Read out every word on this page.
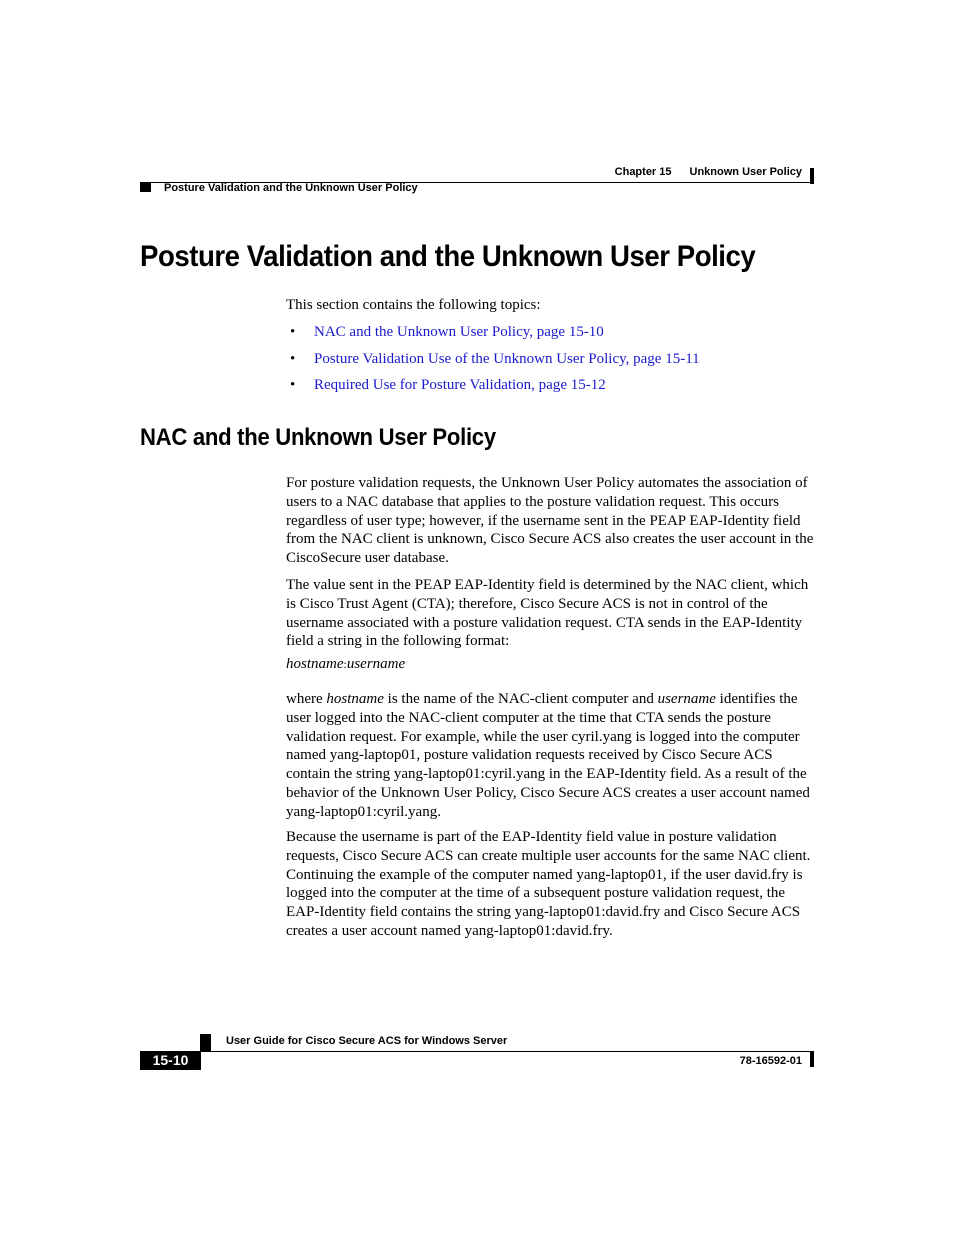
Chapter 15 Unknown User Policy
Posture Validation and the Unknown User Policy
Posture Validation and the Unknown User Policy
This section contains the following topics:
• NAC and the Unknown User Policy, page 15-10
• Posture Validation Use of the Unknown User Policy, page 15-11
• Required Use for Posture Validation, page 15-12
NAC and the Unknown User Policy

For posture validation requests, the Unknown User Policy automates the association of users to a NAC database that applies to the posture validation request. This occurs regardless of user type; however, if the username sent in the PEAP EAP-Identity field from the NAC client is unknown, Cisco Secure ACS also creates the user account in the CiscoSecure user database.

The value sent in the PEAP EAP-Identity field is determined by the NAC client, which is Cisco Trust Agent (CTA); therefore, Cisco Secure ACS is not in control of the username associated with a posture validation request. CTA sends in the EAP-Identity field a string in the following format:

hostname:username

where hostname is the name of the NAC-client computer and username identifies the user logged into the NAC-client computer at the time that CTA sends the posture validation request. For example, while the user cyril.yang is logged into the computer named yang-laptop01, posture validation requests received by Cisco Secure ACS contain the string yang-laptop01:cyril.yang in the EAP-Identity field. As a result of the behavior of the Unknown User Policy, Cisco Secure ACS creates a user account named yang-laptop01:cyril.yang.

Because the username is part of the EAP-Identity field value in posture validation requests, Cisco Secure ACS can create multiple user accounts for the same NAC client. Continuing the example of the computer named yang-laptop01, if the user david.fry is logged into the computer at the time of a subsequent posture validation request, the EAP-Identity field contains the string yang-laptop01:david.fry and Cisco Secure ACS creates a user account named yang-laptop01:david.fry.

User Guide for Cisco Secure ACS for Windows Server
15-10	78-16592-01
